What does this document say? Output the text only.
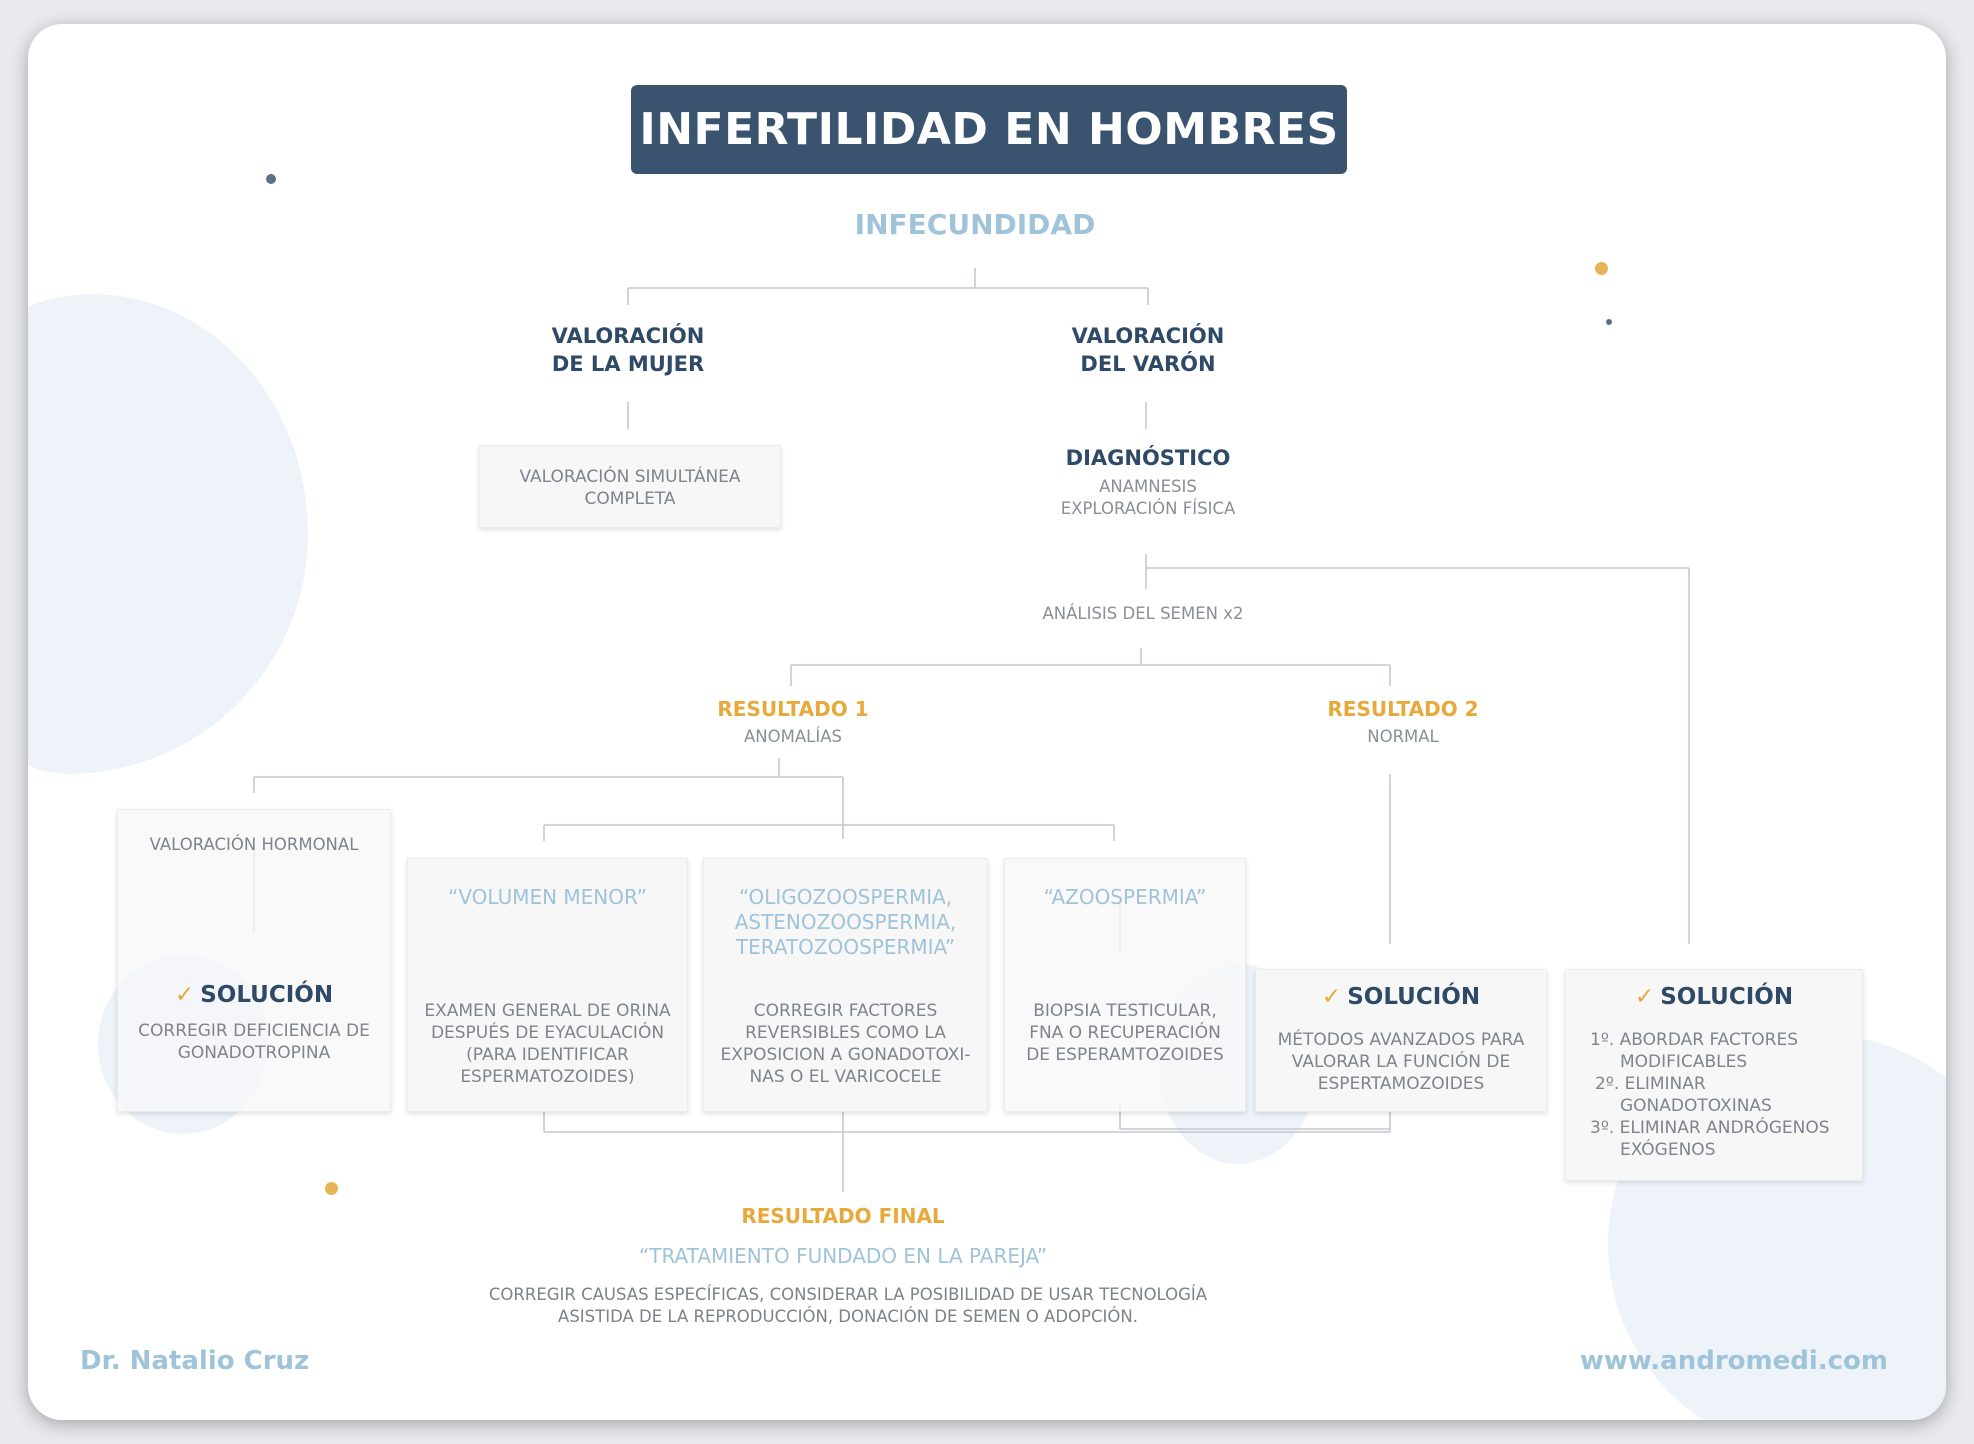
INFERTILIDAD EN HOMBRES
INFECUNDIDAD
VALORACIÓN
DE LA MUJER
VALORACIÓN
DEL VARÓN
VALORACIÓN SIMULTÁNEA
COMPLETA
DIAGNÓSTICO
ANAMNESIS
EXPLORACIÓN FÍSICA
ANÁLISIS DEL SEMEN x2
RESULTADO 1
ANOMALÍAS
RESULTADO 2
NORMAL
VALORACIÓN HORMONAL
✓ SOLUCIÓN
CORREGIR DEFICIENCIA DE
GONADOTROPINA
“VOLUMEN MENOR”
EXAMEN GENERAL DE ORINA
DESPUÉS DE EYACULACIÓN
(PARA IDENTIFICAR
ESPERMATOZOIDES)
“OLIGOZOOSPERMIA,
ASTENOZOOSPERMIA,
TERATOZOOSPERMIA”
CORREGIR FACTORES
REVERSIBLES COMO LA
EXPOSICION A GONADOTOXI-
NAS O EL VARICOCELE
“AZOOSPERMIA”
BIOPSIA TESTICULAR,
FNA O RECUPERACIÓN
DE ESPERAMTOZOIDES
✓ SOLUCIÓN
MÉTODOS AVANZADOS PARA
VALORAR LA FUNCIÓN DE
ESPERTAMOZOIDES
✓ SOLUCIÓN
1º. ABORDAR FACTORES
MODIFICABLES
2º. ELIMINAR
GONADOTOXINAS
3º. ELIMINAR ANDRÓGENOS
EXÓGENOS
RESULTADO FINAL
“TRATAMIENTO FUNDADO EN LA PAREJA”
CORREGIR CAUSAS ESPECÍFICAS, CONSIDERAR LA POSIBILIDAD DE USAR TECNOLOGÍA
ASISTIDA DE LA REPRODUCCIÓN, DONACIÓN DE SEMEN O ADOPCIÓN.
Dr. Natalio Cruz	www.andromedi.com
